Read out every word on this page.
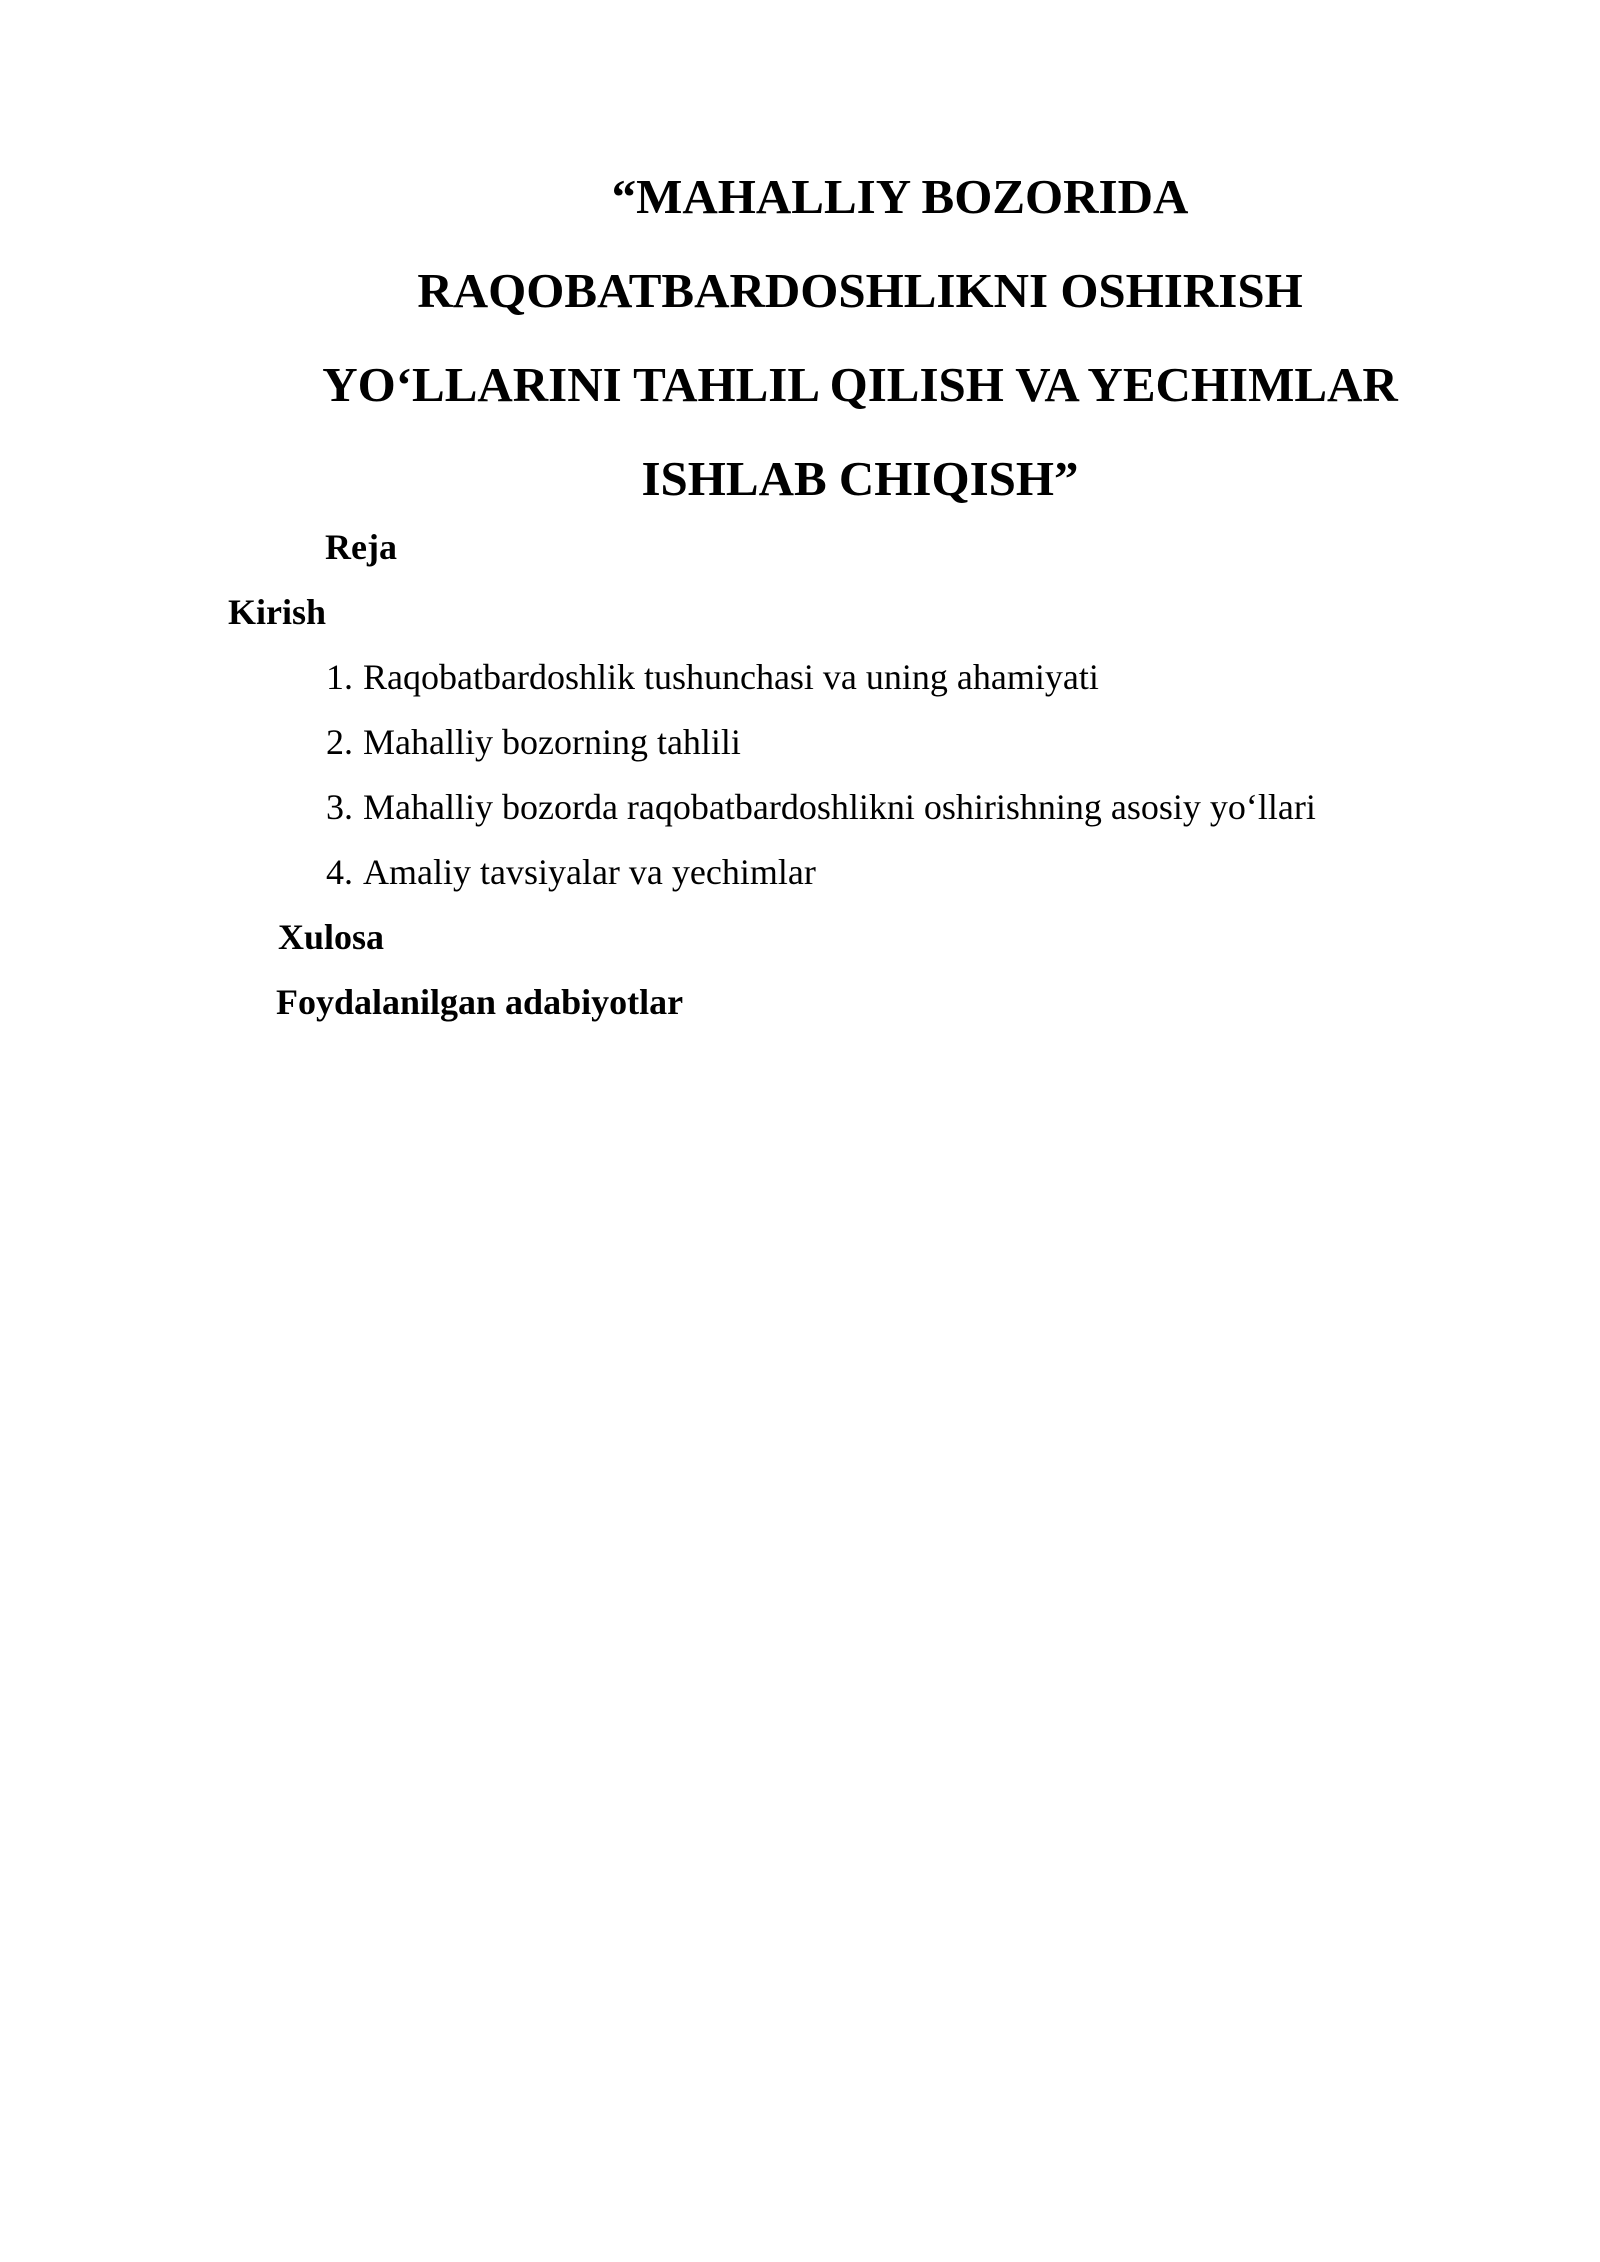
“MAHALLIY BOZORIDA
RAQOBATBARDOSHLIKNI OSHIRISH
YO‘LLARINI TAHLIL QILISH VA YECHIMLAR
ISHLAB CHIQISH”

Reja

Kirish

1. Raqobatbardoshlik tushunchasi va uning ahamiyati
2. Mahalliy bozorning tahlili
3. Mahalliy bozorda raqobatbardoshlikni oshirishning asosiy yo‘llari
4. Amaliy tavsiyalar va yechimlar

Xulosa

Foydalanilgan adabiyotlar
